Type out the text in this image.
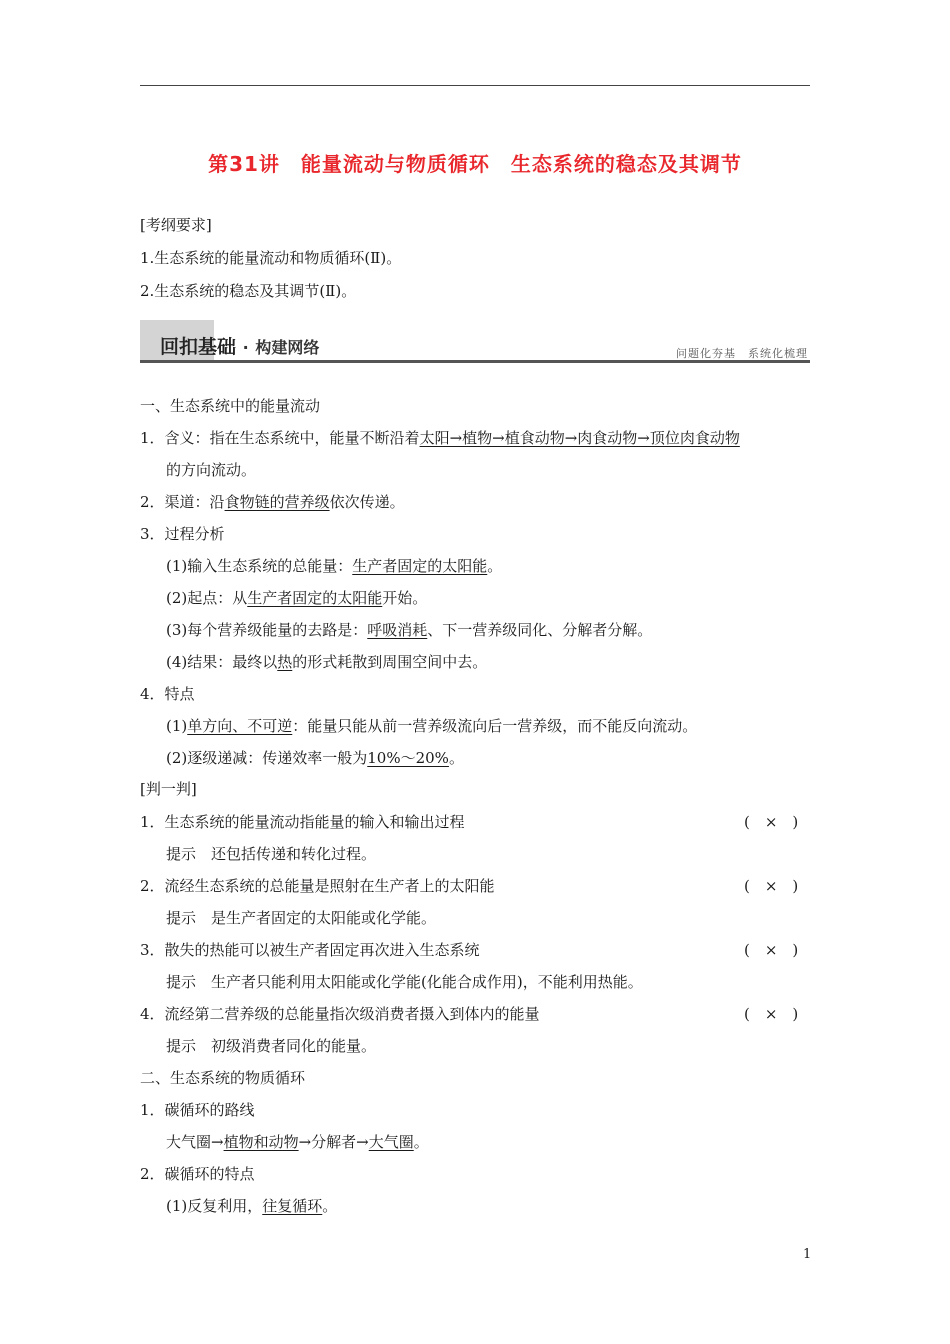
第31讲　能量流动与物质循环　生态系统的稳态及其调节
[考纲要求]
1.生态系统的能量流动和物质循环(Ⅱ)。
2.生态系统的稳态及其调节(Ⅱ)。
回扣基础 · 构建网络	问题化夯基　系统化梳理
一、生态系统中的能量流动
1．含义：指在生态系统中，能量不断沿着太阳→植物→植食动物→肉食动物→顶位肉食动物
的方向流动。
2．渠道：沿食物链的营养级依次传递。
3．过程分析
(1)输入生态系统的总能量：生产者固定的太阳能。
(2)起点：从生产者固定的太阳能开始。
(3)每个营养级能量的去路是：呼吸消耗、下一营养级同化、分解者分解。
(4)结果：最终以热的形式耗散到周围空间中去。
4．特点
(1)单方向、不可逆：能量只能从前一营养级流向后一营养级，而不能反向流动。
(2)逐级递减：传递效率一般为10%～20%。
[判一判]
1．生态系统的能量流动指能量的输入和输出过程	(　×　)
提示　还包括传递和转化过程。
2．流经生态系统的总能量是照射在生产者上的太阳能	(　×　)
提示　是生产者固定的太阳能或化学能。
3．散失的热能可以被生产者固定再次进入生态系统	(　×　)
提示　生产者只能利用太阳能或化学能(化能合成作用)，不能利用热能。
4．流经第二营养级的总能量指次级消费者摄入到体内的能量	(　×　)
提示　初级消费者同化的能量。
二、生态系统的物质循环
1．碳循环的路线
大气圈→植物和动物→分解者→大气圈。
2．碳循环的特点
(1)反复利用，往复循环。
1
